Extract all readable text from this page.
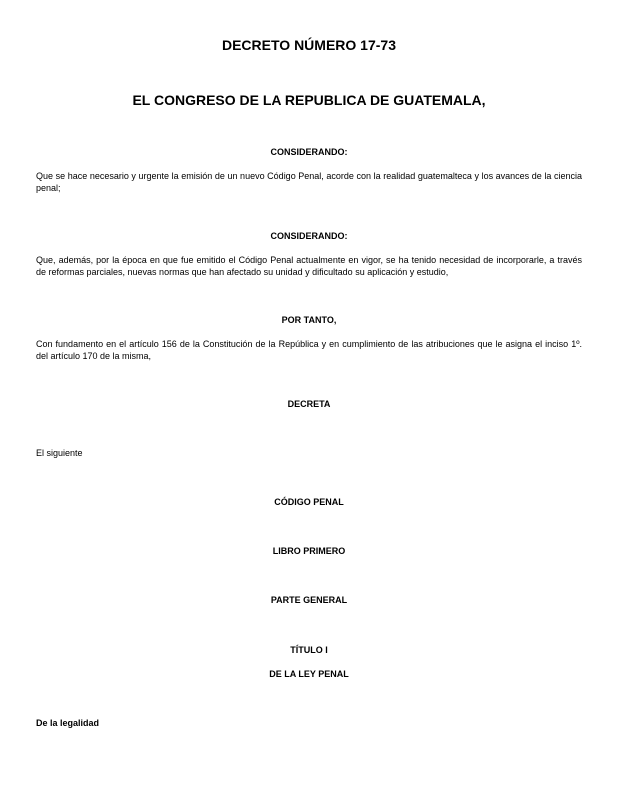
DECRETO NÚMERO 17-73
EL CONGRESO DE LA REPUBLICA DE GUATEMALA,
CONSIDERANDO:
Que se hace necesario y urgente la emisión de un nuevo Código Penal, acorde con la realidad guatemalteca y los avances de la ciencia penal;
CONSIDERANDO:
Que, además, por la época en que fue emitido el Código Penal actualmente en vigor, se ha tenido necesidad de incorporarle, a través de reformas parciales, nuevas normas que han afectado su unidad y dificultado su aplicación y estudio,
POR TANTO,
Con fundamento en el artículo 156 de la Constitución de la República y en cumplimiento de las atribuciones que le asigna el inciso 1º. del artículo 170 de la misma,
DECRETA
El siguiente
CÓDIGO PENAL
LIBRO PRIMERO
PARTE GENERAL
TÍTULO I
DE LA LEY PENAL
De la legalidad
